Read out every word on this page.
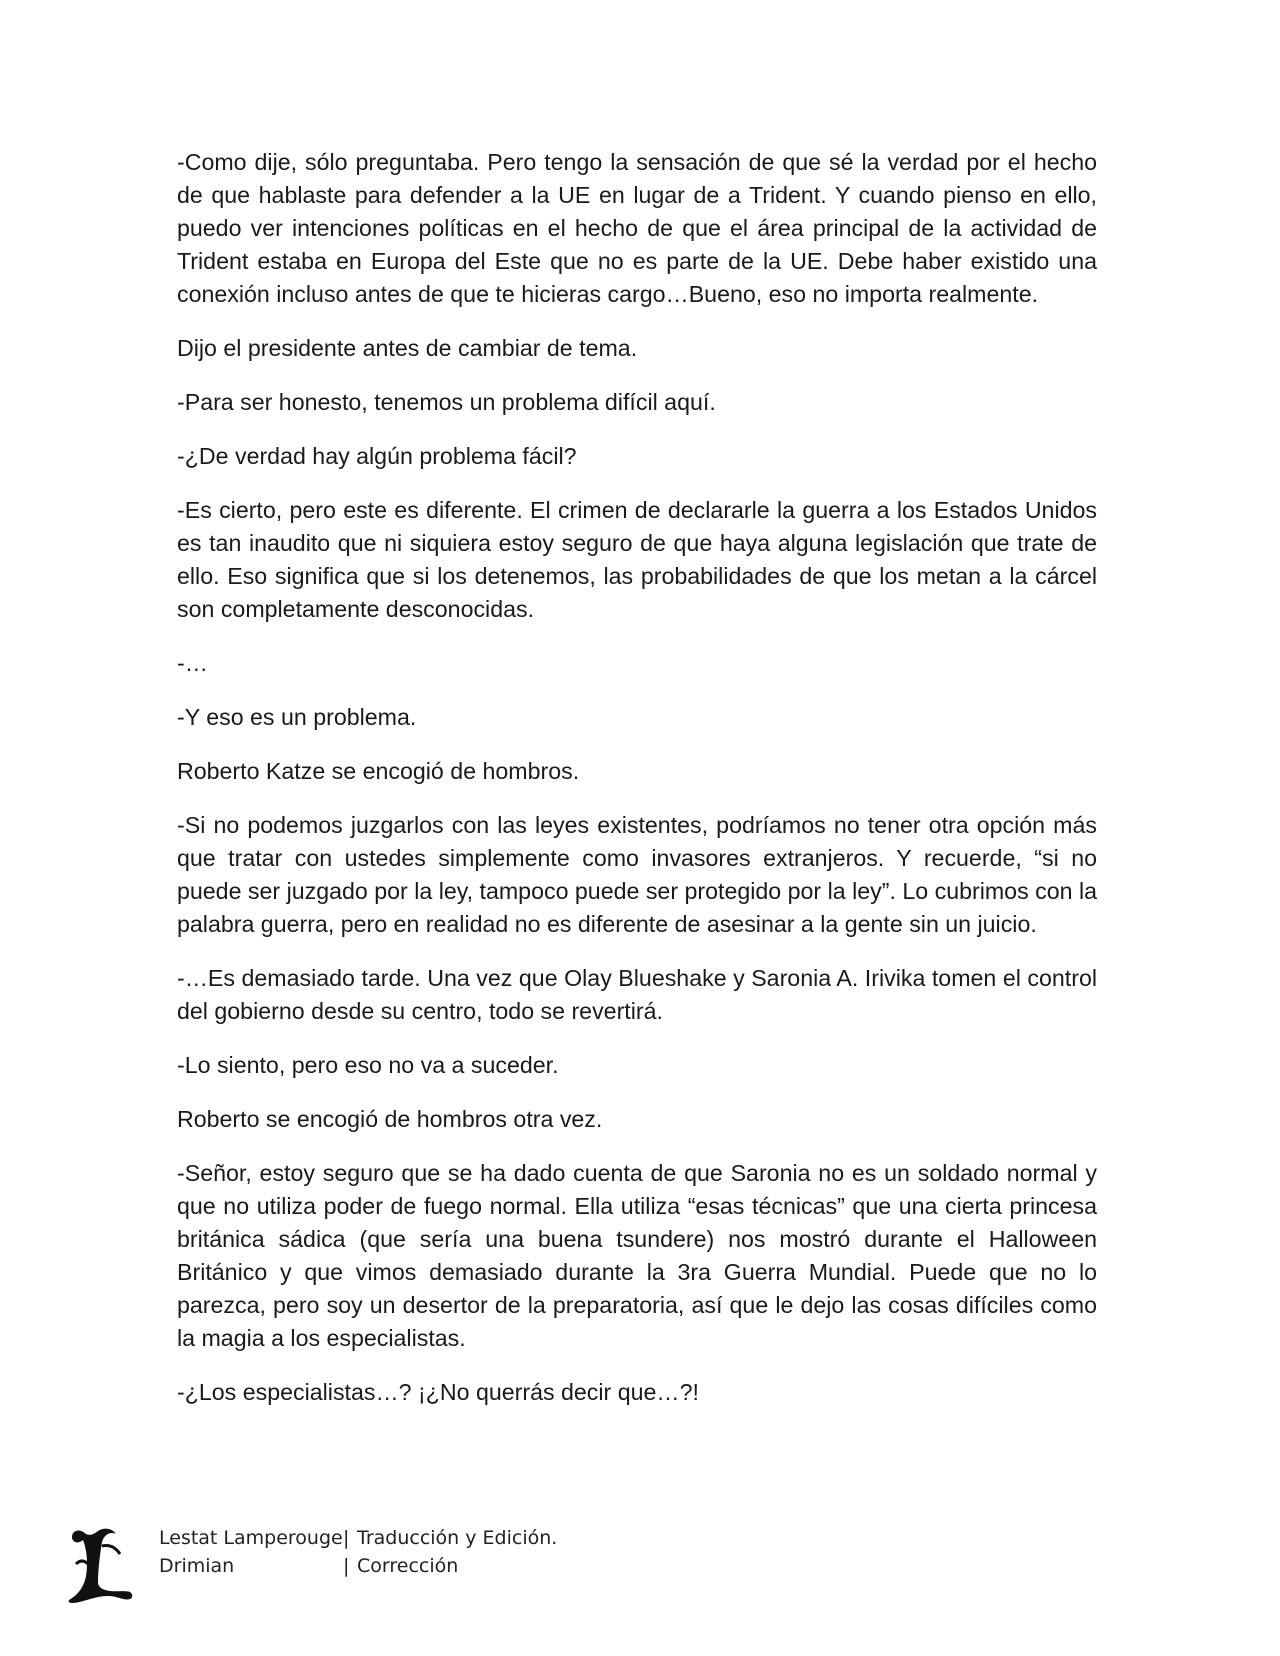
-Como dije, sólo preguntaba. Pero tengo la sensación de que sé la verdad por el hecho de que hablaste para defender a la UE en lugar de a Trident. Y cuando pienso en ello, puedo ver intenciones políticas en el hecho de que el área principal de la actividad de Trident estaba en Europa del Este que no es parte de la UE. Debe haber existido una conexión incluso antes de que te hicieras cargo…Bueno, eso no importa realmente.

Dijo el presidente antes de cambiar de tema.

-Para ser honesto, tenemos un problema difícil aquí.

-¿De verdad hay algún problema fácil?

-Es cierto, pero este es diferente. El crimen de declararle la guerra a los Estados Unidos es tan inaudito que ni siquiera estoy seguro de que haya alguna legislación que trate de ello. Eso significa que si los detenemos, las probabilidades de que los metan a la cárcel son completamente desconocidas.

-…

-Y eso es un problema.

Roberto Katze se encogió de hombros.

-Si no podemos juzgarlos con las leyes existentes, podríamos no tener otra opción más que tratar con ustedes simplemente como invasores extranjeros. Y recuerde, “si no puede ser juzgado por la ley, tampoco puede ser protegido por la ley”. Lo cubrimos con la palabra guerra, pero en realidad no es diferente de asesinar a la gente sin un juicio.

-…Es demasiado tarde. Una vez que Olay Blueshake y Saronia A. Irivika tomen el control del gobierno desde su centro, todo se revertirá.

-Lo siento, pero eso no va a suceder.

Roberto se encogió de hombros otra vez.

-Señor, estoy seguro que se ha dado cuenta de que Saronia no es un soldado normal y que no utiliza poder de fuego normal. Ella utiliza “esas técnicas” que una cierta princesa británica sádica (que sería una buena tsundere) nos mostró durante el Halloween Británico y que vimos demasiado durante la 3ra Guerra Mundial. Puede que no lo parezca, pero soy un desertor de la preparatoria, así que le dejo las cosas difíciles como la magia a los especialistas.

-¿Los especialistas…? ¡¿No querrás decir que…?!

Lestat Lamperouge | Traducción y Edición.
Drimian	| Corrección
